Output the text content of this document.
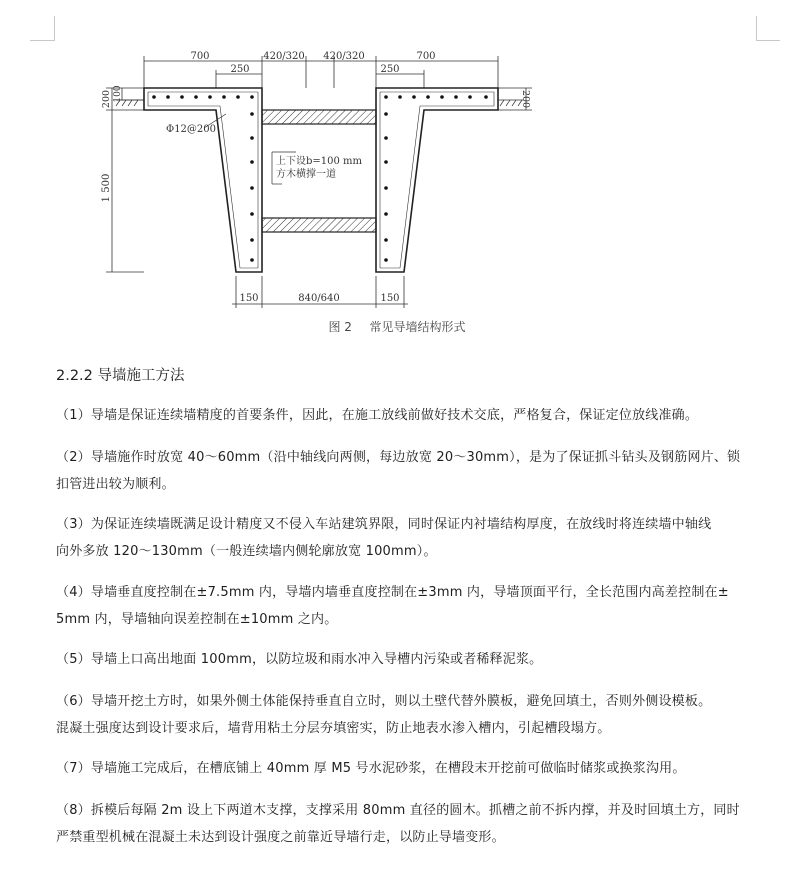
700
250
420/320 420/320
250
700
200 100
1 500
200
Φ12@200
上下设b=100 mm
方木横撑一道
150	840/640	150
图 2 常见导墙结构形式
2.2.2 导墙施工方法
（1）导墙是保证连续墙精度的首要条件，因此，在施工放线前做好技术交底，严格复合，保证定位放线准确。
（2）导墙施作时放宽 40～60mm（沿中轴线向两侧，每边放宽 20～30mm），是为了保证抓斗钻头及钢筋网片、锁
扣管进出较为顺利。
（3）为保证连续墙既满足设计精度又不侵入车站建筑界限，同时保证内衬墙结构厚度，在放线时将连续墙中轴线
向外多放 120～130mm（一般连续墙内侧轮廓放宽 100mm）。
（4）导墙垂直度控制在±7.5mm 内，导墙内墙垂直度控制在±3mm 内，导墙顶面平行，全长范围内高差控制在±
5mm 内，导墙轴向误差控制在±10mm 之内。
（5）导墙上口高出地面 100mm，以防垃圾和雨水冲入导槽内污染或者稀释泥浆。
（6）导墙开挖土方时，如果外侧土体能保持垂直自立时，则以土壁代替外膜板，避免回填土，否则外侧设模板。
混凝土强度达到设计要求后，墙背用粘土分层夯填密实，防止地表水渗入槽内，引起槽段塌方。
（7）导墙施工完成后，在槽底铺上 40mm 厚 M5 号水泥砂浆，在槽段末开挖前可做临时储浆或换浆沟用。
（8）拆模后每隔 2m 设上下两道木支撑，支撑采用 80mm 直径的圆木。抓槽之前不拆内撑，并及时回填土方，同时
严禁重型机械在混凝土未达到设计强度之前靠近导墙行走，以防止导墙变形。
